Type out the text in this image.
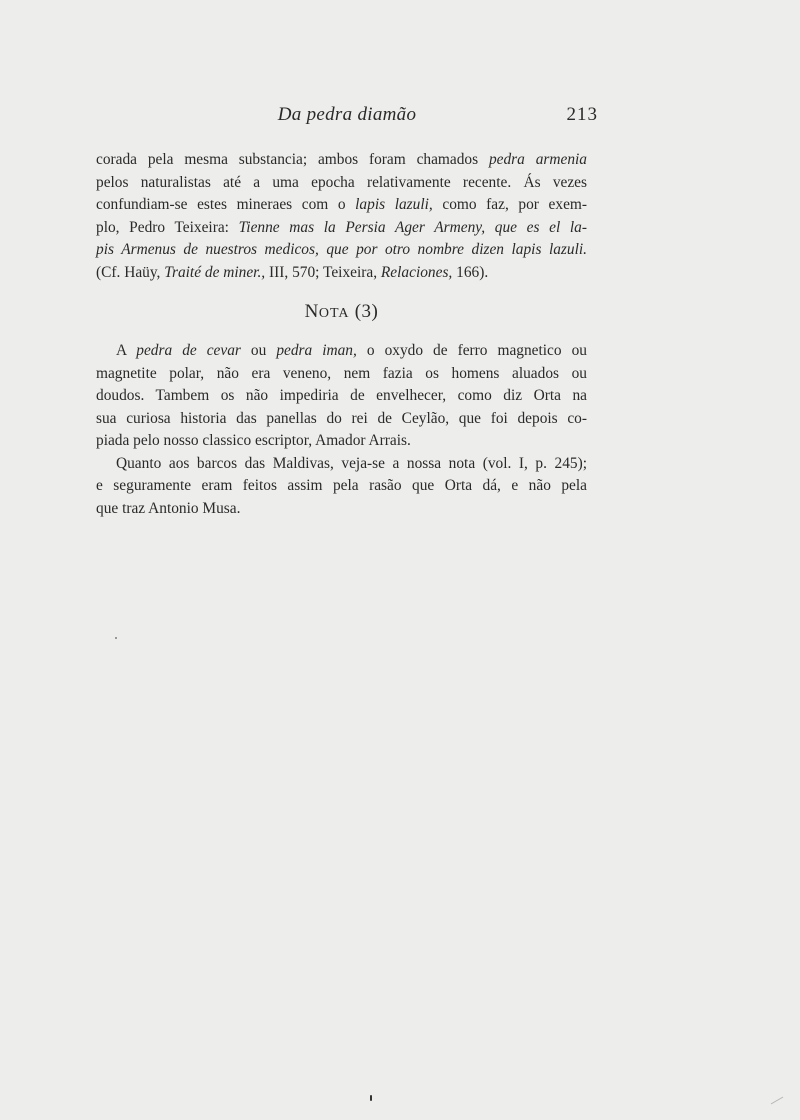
Da pedra diamão	213
corada pela mesma substancia; ambos foram chamados pedra armenia
pelos naturalistas até a uma epocha relativamente recente. Ás vezes
confundiam-se estes mineraes com o lapis lazuli, como faz, por exem-
plo, Pedro Teixeira: Tienne mas la Persia Ager Armeny, que es el la-
pis Armenus de nuestros medicos, que por otro nombre dizen lapis lazuli.
(Cf. Haüy, Traité de miner., III, 570; Teixeira, Relaciones, 166).
NOTA (3)
A pedra de cevar ou pedra iman, o oxydo de ferro magnetico ou
magnetite polar, não era veneno, nem fazia os homens aluados ou
doudos. Tambem os não impediria de envelhecer, como diz Orta na
sua curiosa historia das panellas do rei de Ceylão, que foi depois co-
piada pelo nosso classico escriptor, Amador Arrais.
Quanto aos barcos das Maldivas, veja-se a nossa nota (vol. I, p. 245);
e seguramente eram feitos assim pela rasão que Orta dá, e não pela
que traz Antonio Musa.
